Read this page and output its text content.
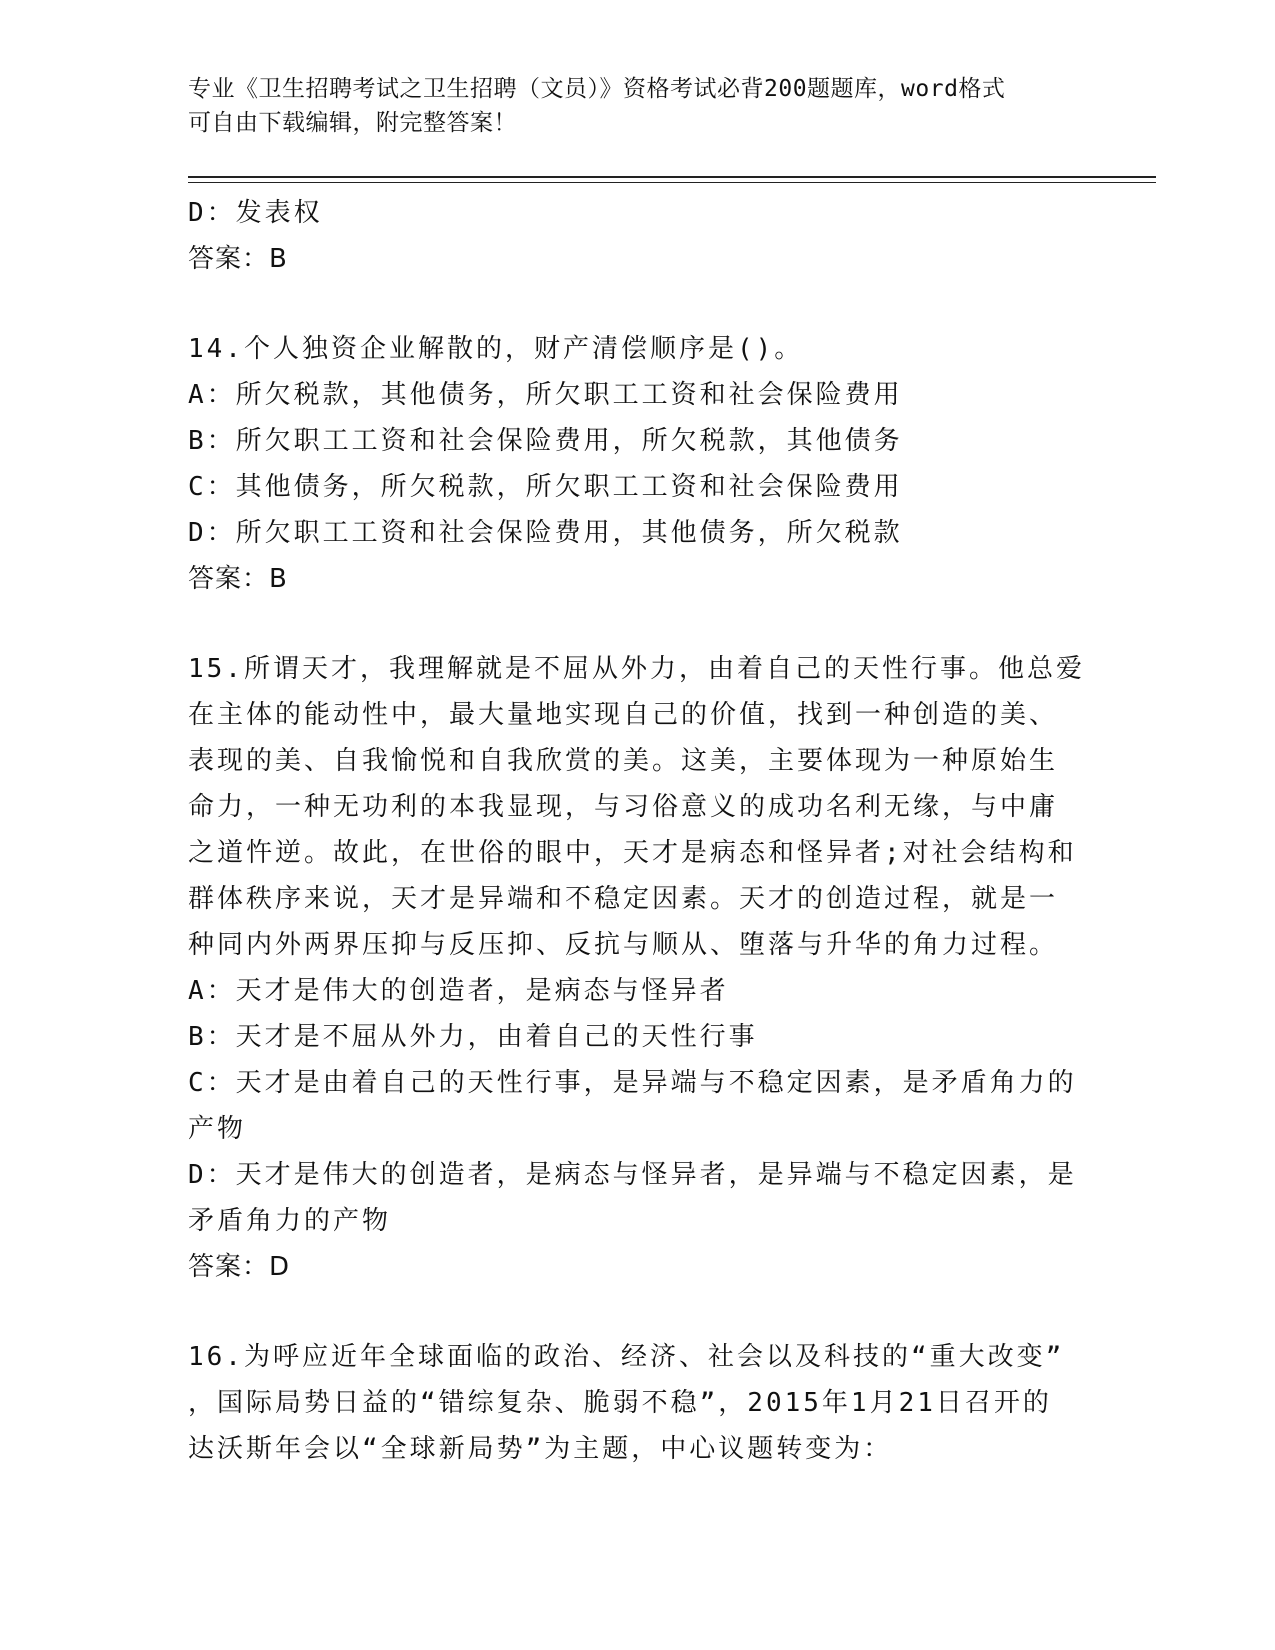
专业《卫生招聘考试之卫生招聘（文员）》资格考试必背200题题库，word格式

可自由下载编辑，附完整答案！

D：发表权

答案：B

14.个人独资企业解散的，财产清偿顺序是()。

A：所欠税款，其他债务，所欠职工工资和社会保险费用

B：所欠职工工资和社会保险费用，所欠税款，其他债务

C：其他债务，所欠税款，所欠职工工资和社会保险费用

D：所欠职工工资和社会保险费用，其他债务，所欠税款

答案：B

15.所谓天才，我理解就是不屈从外力，由着自己的天性行事。他总爱

在主体的能动性中，最大量地实现自己的价值，找到一种创造的美、

表现的美、自我愉悦和自我欣赏的美。这美，主要体现为一种原始生

命力，一种无功利的本我显现，与习俗意义的成功名利无缘，与中庸

之道忤逆。故此，在世俗的眼中，天才是病态和怪异者;对社会结构和

群体秩序来说，天才是异端和不稳定因素。天才的创造过程，就是一

种同内外两界压抑与反压抑、反抗与顺从、堕落与升华的角力过程。

A：天才是伟大的创造者，是病态与怪异者

B：天才是不屈从外力，由着自己的天性行事

C：天才是由着自己的天性行事，是异端与不稳定因素，是矛盾角力的

产物

D：天才是伟大的创造者，是病态与怪异者，是异端与不稳定因素，是

矛盾角力的产物

答案：D

16.为呼应近年全球面临的政治、经济、社会以及科技的“重大改变”

，国际局势日益的“错综复杂、脆弱不稳”，2015年1月21日召开的

达沃斯年会以“全球新局势”为主题，中心议题转变为：
